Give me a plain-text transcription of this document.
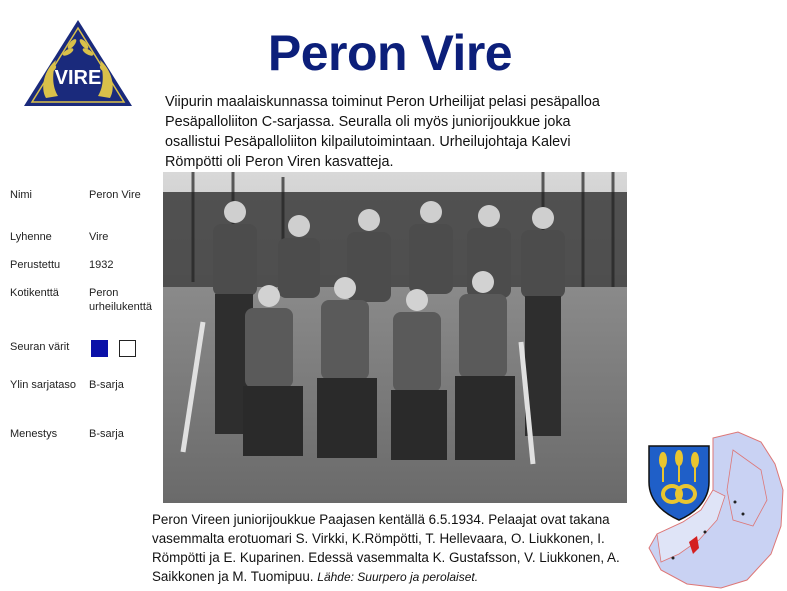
VIRE	Peron Vire
Viipurin maalaiskunnassa toiminut Peron Urheilijat pelasi pesäpalloa Pesäpalloliiton C-sarjassa. Seuralla oli myös juniorijoukkue joka osallistui Pesäpalloliiton kilpailutoimintaan. Urheilujohtaja Kalevi Römpötti oli Peron Viren kasvatteja.
Nimi	Peron Vire
Lyhenne	Vire
Perustettu	1932
Kotikenttä	Peron urheilukenttä
Seuran värit
Ylin sarjataso	B-sarja
Menestys	B-sarja
Peron Vireen juniorijoukkue Paajasen kentällä 6.5.1934. Pelaajat ovat takana vasemmalta erotuomari S. Virkki, K.Römpötti, T. Hellevaara, O. Liukkonen, I. Römpötti ja E. Kuparinen. Edessä vasemmalta K. Gustafsson, V. Liukkonen, A. Saikkonen ja M. Tuomipuu. Lähde: Suurpero ja perolaiset.
